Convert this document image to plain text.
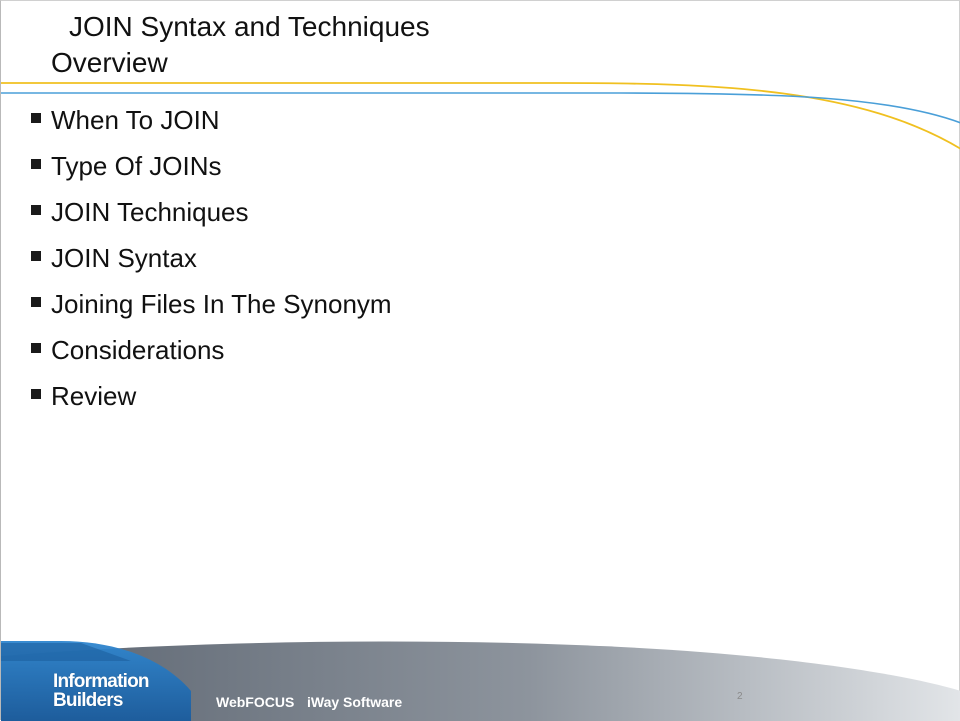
JOIN Syntax and Techniques
Overview
When To JOIN
Type Of JOINs
JOIN Techniques
JOIN Syntax
Joining Files In The Synonym
Considerations
Review
Information
Builders	WebFOCUS iWay Software	2
